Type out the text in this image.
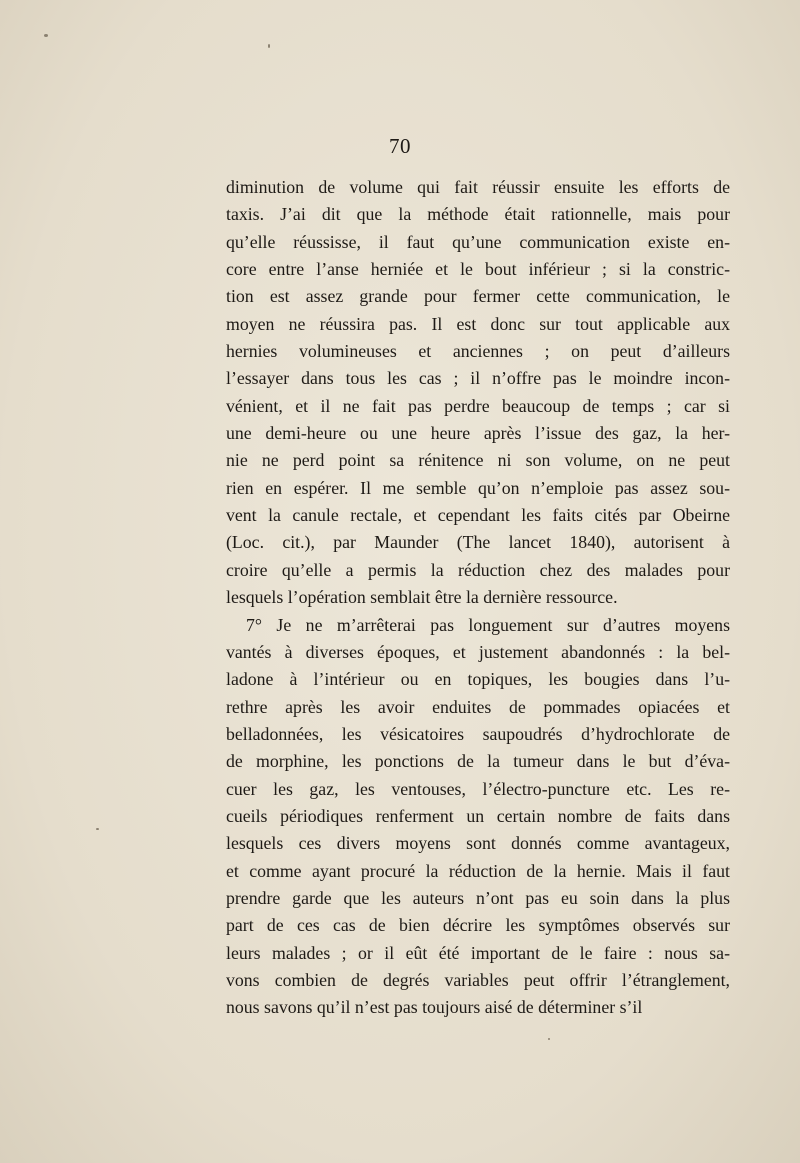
70
diminution de volume qui fait réussir ensuite les efforts de
taxis. J’ai dit que la méthode était rationnelle, mais pour
qu’elle réussisse, il faut qu’une communication existe en-
core entre l’anse herniée et le bout inférieur ; si la constric-
tion est assez grande pour fermer cette communication, le
moyen ne réussira pas. Il est donc sur tout applicable aux
hernies volumineuses et anciennes ; on peut d’ailleurs
l’essayer dans tous les cas ; il n’offre pas le moindre incon-
vénient, et il ne fait pas perdre beaucoup de temps ; car si
une demi-heure ou une heure après l’issue des gaz, la her-
nie ne perd point sa rénitence ni son volume, on ne peut
rien en espérer. Il me semble qu’on n’emploie pas assez sou-
vent la canule rectale, et cependant les faits cités par Obeirne
(Loc. cit.), par Maunder (The lancet 1840), autorisent à
croire qu’elle a permis la réduction chez des malades pour
lesquels l’opération semblait être la dernière ressource.
7° Je ne m’arrêterai pas longuement sur d’autres moyens
vantés à diverses époques, et justement abandonnés : la bel-
ladone à l’intérieur ou en topiques, les bougies dans l’u-
rethre après les avoir enduites de pommades opiacées et
belladonnées, les vésicatoires saupoudrés d’hydrochlorate de
de morphine, les ponctions de la tumeur dans le but d’éva-
cuer les gaz, les ventouses, l’électro-puncture etc. Les re-
cueils périodiques renferment un certain nombre de faits dans
lesquels ces divers moyens sont donnés comme avantageux,
et comme ayant procuré la réduction de la hernie. Mais il faut
prendre garde que les auteurs n’ont pas eu soin dans la plus
part de ces cas de bien décrire les symptômes observés sur
leurs malades ; or il eût été important de le faire : nous sa-
vons combien de degrés variables peut offrir l’étranglement,
nous savons qu’il n’est pas toujours aisé de déterminer s’il
